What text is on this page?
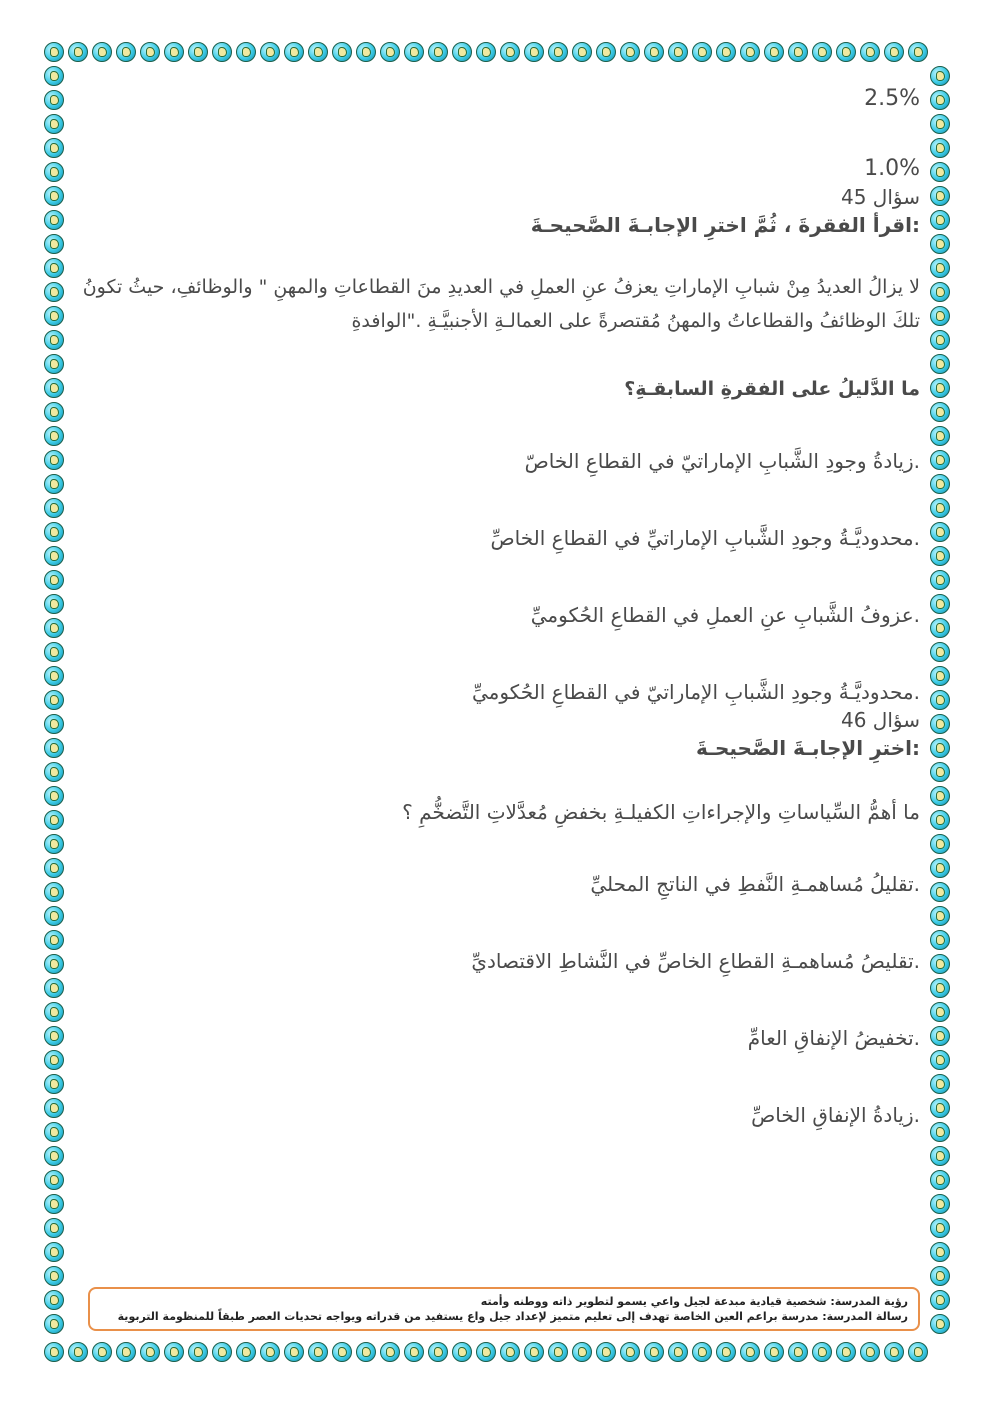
2.5%
1.0%
سؤال 45
:اقرأ الفقرةَ ، ثُمَّ اخترِ الإجابـةَ الصَّحيحـةَ
لا يزالُ العديدُ مِنْ شبابِ الإماراتِ يعزفُ عنِ العملِ في العديدِ منَ القطاعاتِ والمهنِ " والوظائفِ، حيثُ تكونُ تلكَ الوظائفُ والقطاعاتُ والمهنُ مُقتصرةً على العمالـةِ الأجنبيَّـةِ ."الوافدةِ
ما الدَّليلُ على الفقرةِ السابقـةِ؟
.زيادةُ وجودِ الشَّبابِ الإماراتيّ في القطاعِ الخاصّ
.محدوديَّـةُ وجودِ الشَّبابِ الإماراتيِّ في القطاعِ الخاصِّ
.عزوفُ الشَّبابِ عنِ العملِ في القطاعِ الحُكوميِّ
.محدوديَّـةُ وجودِ الشَّبابِ الإماراتيّ في القطاعِ الحُكوميِّ
سؤال 46
:اخترِ الإجابـةَ الصَّحيحـةَ
ما أهمُّ السِّياساتِ والإجراءاتِ الكفيلـةِ بخفضِ مُعدَّلاتِ التَّضخُّمِ ؟
.تقليلُ مُساهمـةِ النَّفطِ في الناتجِ المحليِّ
.تقليصُ مُساهمـةِ القطاعِ الخاصِّ في النَّشاطِ الاقتصاديِّ
.تخفيضُ الإنفاقِ العامِّ
.زيادةُ الإنفاقِ الخاصِّ
رؤية المدرسة: شخصية قيادية مبدعة لجيل واعي يسمو لتطوير ذاته ووطنه وأمته
رسالة المدرسة: مدرسة براعم العين الخاصة تهدف إلى تعليم متميز لإعداد جيل واع يستفيد من قدراته ويواجه تحديات العصر طبقاً للمنظومة التربوية
